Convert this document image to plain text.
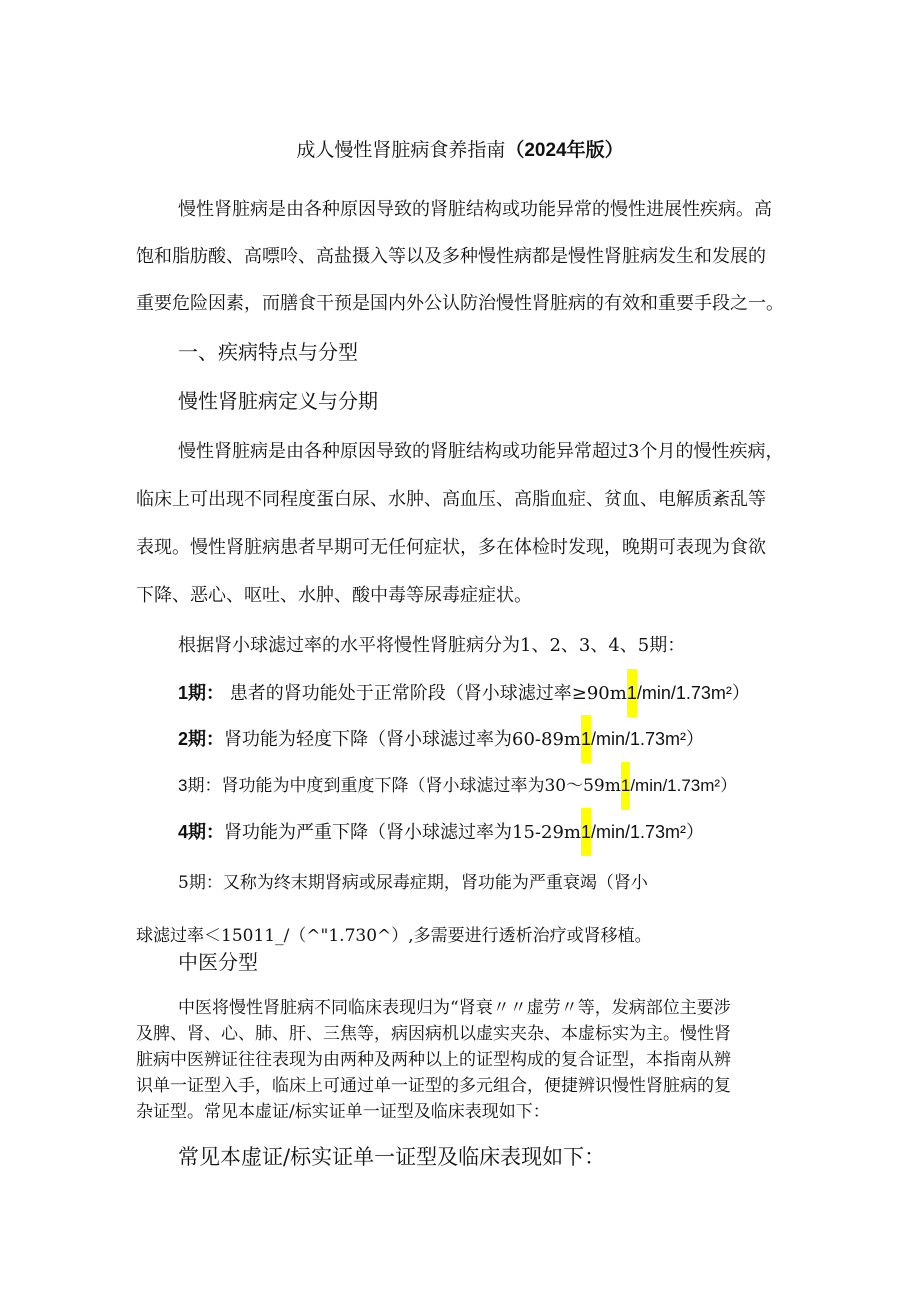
成人慢性肾脏病食养指南（2024年版）
慢性肾脏病是由各种原因导致的肾脏结构或功能异常的慢性进展性疾病。高
饱和脂肪酸、高嘌呤、高盐摄入等以及多种慢性病都是慢性肾脏病发生和发展的
重要危险因素，而膳食干预是国内外公认防治慢性肾脏病的有效和重要手段之一。
一、疾病特点与分型
慢性肾脏病定义与分期
慢性肾脏病是由各种原因导致的肾脏结构或功能异常超过3个月的慢性疾病，
临床上可出现不同程度蛋白尿、水肿、高血压、高脂血症、贫血、电解质紊乱等
表现。慢性肾脏病患者早期可无任何症状，多在体检时发现，晚期可表现为食欲
下降、恶心、呕吐、水肿、酸中毒等尿毒症症状。
根据肾小球滤过率的水平将慢性肾脏病分为1、2、3、4、5期：
1期： 患者的肾功能处于正常阶段（肾小球滤过率≥90m1/min/1.73m²）
2期：肾功能为轻度下降（肾小球滤过率为60-89m1/min/1.73m²）
3期：肾功能为中度到重度下降（肾小球滤过率为30～59m1/min/1.73m²）
4期：肾功能为严重下降（肾小球滤过率为15-29m1/min/1.73m²）
5期：又称为终末期肾病或尿毒症期，肾功能为严重衰竭（肾小
球滤过率＜15011_/（^"1.730^）,多需要进行透析治疗或肾移植。
中医分型
中医将慢性肾脏病不同临床表现归为“肾衰〃〃虚劳〃等，发病部位主要涉
及脾、肾、心、肺、肝、三焦等，病因病机以虚实夹杂、本虚标实为主。慢性肾
脏病中医辨证往往表现为由两种及两种以上的证型构成的复合证型，本指南从辨
识单一证型入手，临床上可通过单一证型的多元组合，便捷辨识慢性肾脏病的复
杂证型。常见本虚证/标实证单一证型及临床表现如下：
常见本虚证/标实证单一证型及临床表现如下：
